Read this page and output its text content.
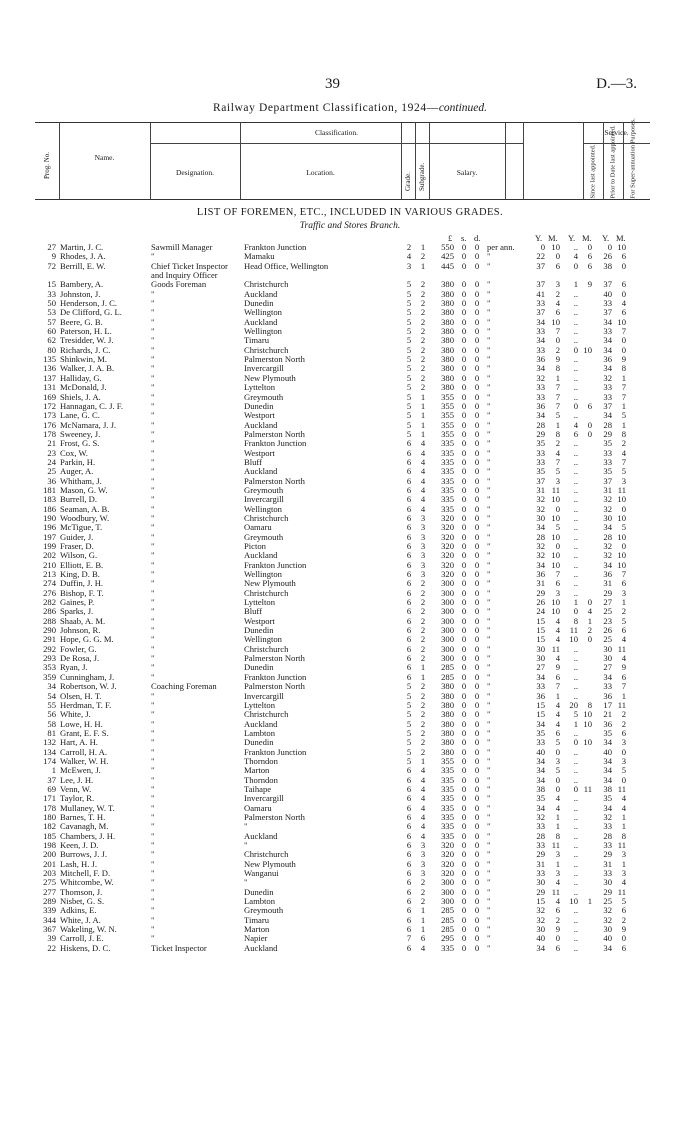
39	D.—3.
Railway Department Classification, 1924—continued.
Classification.	Service.
Prog. No.	Name.
Designation.	Location.	Grade. Subgrade.	Salary.	Since last appointed. Prior to Date last appointed. For Super-annuation Purposes.
LIST OF FOREMEN, ETC., INCLUDED IN VARIOUS GRADES.
Traffic and Stores Branch.
£ s. d.	Y. M. Y. M. Y. M.
27 Martin, J. C.	Sawmill Manager	Frankton Junction	2	1	550 0 0 per ann.	0 10	..	0	0 10
9 Rhodes, J. A.	"	Mamaku	4	2	425 0 0 "	22	0	4	6	26	6
72 Berrill, E. W.	Chief Ticket Inspector Head Office, Wellington	3	1	445 0 0 "	37	6	0	6	38	0
and Inquiry Officer
15 Bambery, A.	Goods Foreman	Christchurch	5	2	380 0 0 "	37	3	1	9	37	6
33 Johnston, J.	"	Auckland	5	2	380 0 0 "	41	2	..	40	0
50 Henderson, J. C.	"	Dunedin	5	2	380 0 0 "	33	4	..	33	4
53 De Clifford, G. L.	"	Wellington	5	2	380 0 0 "	37	6	..	37	6
57 Beere, G. B.	"	Auckland	5	2	380 0 0 "	34 10	..	34 10
60 Paterson, H. L.	"	Wellington	5	2	380 0 0 "	33	7	..	33	7
62 Tresidder, W. J.	"	Timaru	5	2	380 0 0 "	34	0	..	34	0
80 Richards, J. C.	"	Christchurch	5	2	380 0 0 "	33	2	0 10	34	0
135 Shinkwin, M.	"	Palmerston North	5	2	380 0 0 "	36	9	..	36	9
136 Walker, J. A. B.	"	Invercargill	5	2	380 0 0 "	34	8	..	34	8
137 Halliday, G.	"	New Plymouth	5	2	380 0 0 "	32	1	..	32	1
131 McDonald, J.	"	Lyttelton	5	2	380 0 0 "	33	7	..	33	7
169 Shiels, J. A.	"	Greymouth	5	1	355 0 0 "	33	7	..	33	7
172 Hannagan, C. J. F.	"	Dunedin	5	1	355 0 0 "	36	7	0	6	37	1
173 Lane, G. C.	"	Westport	5	1	355 0 0 "	34	5	..	34	5
176 McNamara, J. J.	"	Auckland	5	1	355 0 0 "	28	1	4	0	28	1
178 Sweeney, J.	"	Palmerston North	5	1	355 0 0 "	29	8	6	0	29	8
21 Frost, G. S.	"	Frankton Junction	6	4	335 0 0 "	35	2	..	35	2
23 Cox, W.	"	Westport	6	4	335 0 0 "	33	4	..	33	4
24 Parkin, H.	"	Bluff	6	4	335 0 0 "	33	7	..	33	7
25 Auger, A.	"	Auckland	6	4	335 0 0 "	35	5	..	35	5
36 Whitham, J.	"	Palmerston North	6	4	335 0 0 "	37	3	..	37	3
181 Mason, G. W.	"	Greymouth	6	4	335 0 0 "	31 11	..	31 11
183 Burrell, D.	"	Invercargill	6	4	335 0 0 "	32 10	..	32 10
186 Seaman, A. B.	"	Wellington	6	4	335 0 0 "	32	0	..	32	0
190 Woodbury, W.	"	Christchurch	6	3	320 0 0 "	30 10	..	30 10
196 McTigue, T.	"	Oamaru	6	3	320 0 0 "	34	5	..	34	5
197 Guider, J.	"	Greymouth	6	3	320 0 0 "	28 10	..	28 10
199 Fraser, D.	"	Picton	6	3	320 0 0 "	32	0	..	32	0
202 Wilson, G.	"	Auckland	6	3	320 0 0 "	32 10	..	32 10
210 Elliott, E. B.	"	Frankton Junction	6	3	320 0 0 "	34 10	..	34 10
213 King, D. B.	"	Wellington	6	3	320 0 0 "	36	7	..	36	7
274 Duffin, J. H.	"	New Plymouth	6	2	300 0 0 "	31	6	..	31	6
276 Bishop, F. T.	"	Christchurch	6	2	300 0 0 "	29	3	..	29	3
282 Gaines, P.	"	Lyttelton	6	2	300 0 0 "	26 10	1	0	27	1
286 Sparks, J.	"	Bluff	6	2	300 0 0 "	24 10	0	4	25	2
288 Shaab, A. M.	"	Westport	6	2	300 0 0 "	15	4	8	1	23	5
290 Johnson, R.	"	Dunedin	6	2	300 0 0 "	15	4	11	2	26	6
291 Hope, G. G. M.	"	Wellington	6	2	300 0 0 "	15	4	10	0	25	4
292 Fowler, G.	"	Christchurch	6	2	300 0 0 "	30 11	..	30 11
293 De Rosa, J.	"	Palmerston North	6	2	300 0 0 "	30	4	..	30	4
353 Ryan, J.	"	Dunedin	6	1	285 0 0 "	27	9	..	27	9
359 Cunningham, J.	"	Frankton Junction	6	1	285 0 0 "	34	6	..	34	6
34 Robertson, W. J.	Coaching Foreman	Palmerston North	5	2	380 0 0 "	33	7	..	33	7
54 Olsen, H. T.	"	Invercargill	5	2	380 0 0 "	36	1	..	36	1
55 Herdman, T. F.	"	Lyttelton	5	2	380 0 0 "	15	4	20	8	17 11
56 White, J.	"	Christchurch	5	2	380 0 0 "	15	4	5 10	21	2
58 Lowe, H. H.	"	Auckland	5	2	380 0 0 "	34	4	1 10	36	2
81 Grant, E. F. S.	"	Lambton	5	2	380 0 0 "	35	6	..	35	6
132 Hart, A. H.	"	Dunedin	5	2	380 0 0 "	33	5	0 10	34	3
134 Carroll, H. A.	"	Frankton Junction	5	2	380 0 0 "	40	0	..	40	0
174 Walker, W. H.	"	Thorndon	5	1	355 0 0 "	34	3	..	34	3
1 McEwen, J.	"	Marton	6	4	335 0 0 "	34	5	..	34	5
37 Lee, J. H.	"	Thorndon	6	4	335 0 0 "	34	0	..	34	0
69 Venn, W.	"	Taihape	6	4	335 0 0 "	38	0	0 11	38 11
171 Taylor, R.	"	Invercargill	6	4	335 0 0 "	35	4	..	35	4
178 Mullaney, W. T.	"	Oamaru	6	4	335 0 0 "	34	4	..	34	4
180 Barnes, T. H.	"	Palmerston North	6	4	335 0 0 "	32	1	..	32	1
182 Cavanagh, M.	"	"	6	4	335 0 0 "	33	1	..	33	1
185 Chambers, J. H.	"	Auckland	6	4	335 0 0 "	28	8	..	28	8
198 Keen, J. D.	"	"	6	3	320 0 0 "	33 11	..	33 11
200 Burrows, J. J.	"	Christchurch	6	3	320 0 0 "	29	3	..	29	3
201 Lash, H. J.	"	New Plymouth	6	3	320 0 0 "	31	1	..	31	1
203 Mitchell, F. D.	"	Wanganui	6	3	320 0 0 "	33	3	..	33	3
275 Whitcombe, W.	"	"	6	2	300 0 0 "	30	4	..	30	4
277 Thomson, J.	"	Dunedin	6	2	300 0 0 "	29 11	..	29 11
289 Nisbet, G. S.	"	Lambton	6	2	300 0 0 "	15	4	10	1	25	5
339 Adkins, E.	"	Greymouth	6	1	285 0 0 "	32	6	..	32	6
344 White, J. A.	"	Timaru	6	1	285 0 0 "	32	2	..	32	2
367 Wakeling, W. N.	"	Marton	6	1	285 0 0 "	30	9	..	30	9
39 Carroll, J. E.	"	Napier	7	6	295 0 0 "	40	0	..	40	0
22 Hiskens, D. C.	Ticket Inspector	Auckland	6	4	335 0 0 "	34	6	..	34	6
